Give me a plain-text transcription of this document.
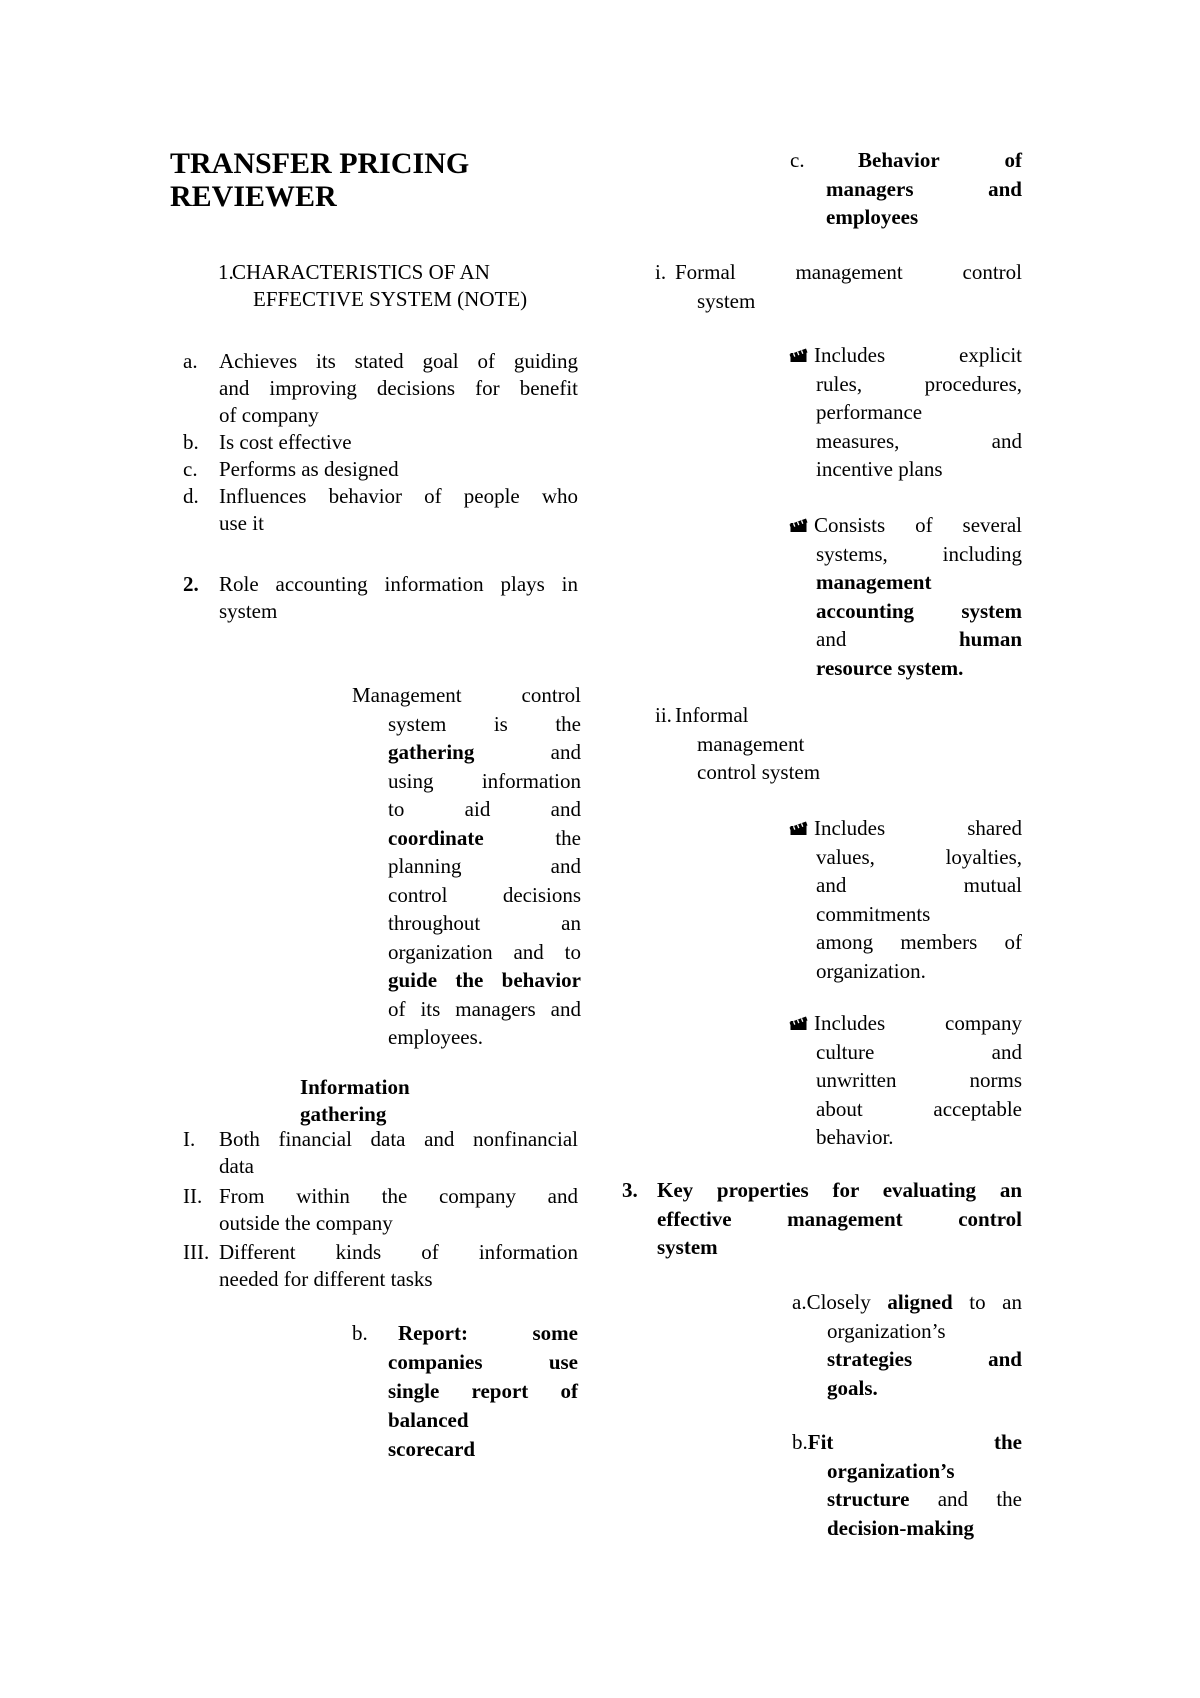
TRANSFER PRICING
REVIEWER
1.
CHARACTERISTICS OF AN
EFFECTIVE SYSTEM (NOTE)
a.	Achieves its stated goal of guiding
and improving decisions for benefit
of company
b. Is cost effective
c.	Performs as designed
d. Influences behavior of people who
use it
2. Role accounting information plays in
system
Management control
system is the
gathering and
using information
to aid and
coordinate the
planning and
control decisions
throughout an
organization and to
guide the behavior
of its managers and
employees.
Information
gathering
I.	Both financial data and nonfinancial
data
II. From within the company and
outside the company
III. Different kinds of information
needed for different tasks
b.	Report: some
companies use
single report of
balanced
scorecard
c.	Behavior of
managers and
employees
i. Formal management control
system
Includes explicit
rules, procedures,
performance
measures, and
incentive plans
Consists of several
systems, including
management
accounting system
and human
resource system.
ii. Informal
management
control system
Includes shared
values, loyalties,
and mutual
commitments
among members of
organization.
Includes company
culture and
unwritten norms
about acceptable
behavior.
3. Key properties for evaluating an
effective management control
system
a.Closely aligned to an
organization’s
strategies and
goals.
b.Fit the
organization’s
structure and the
decision-making
